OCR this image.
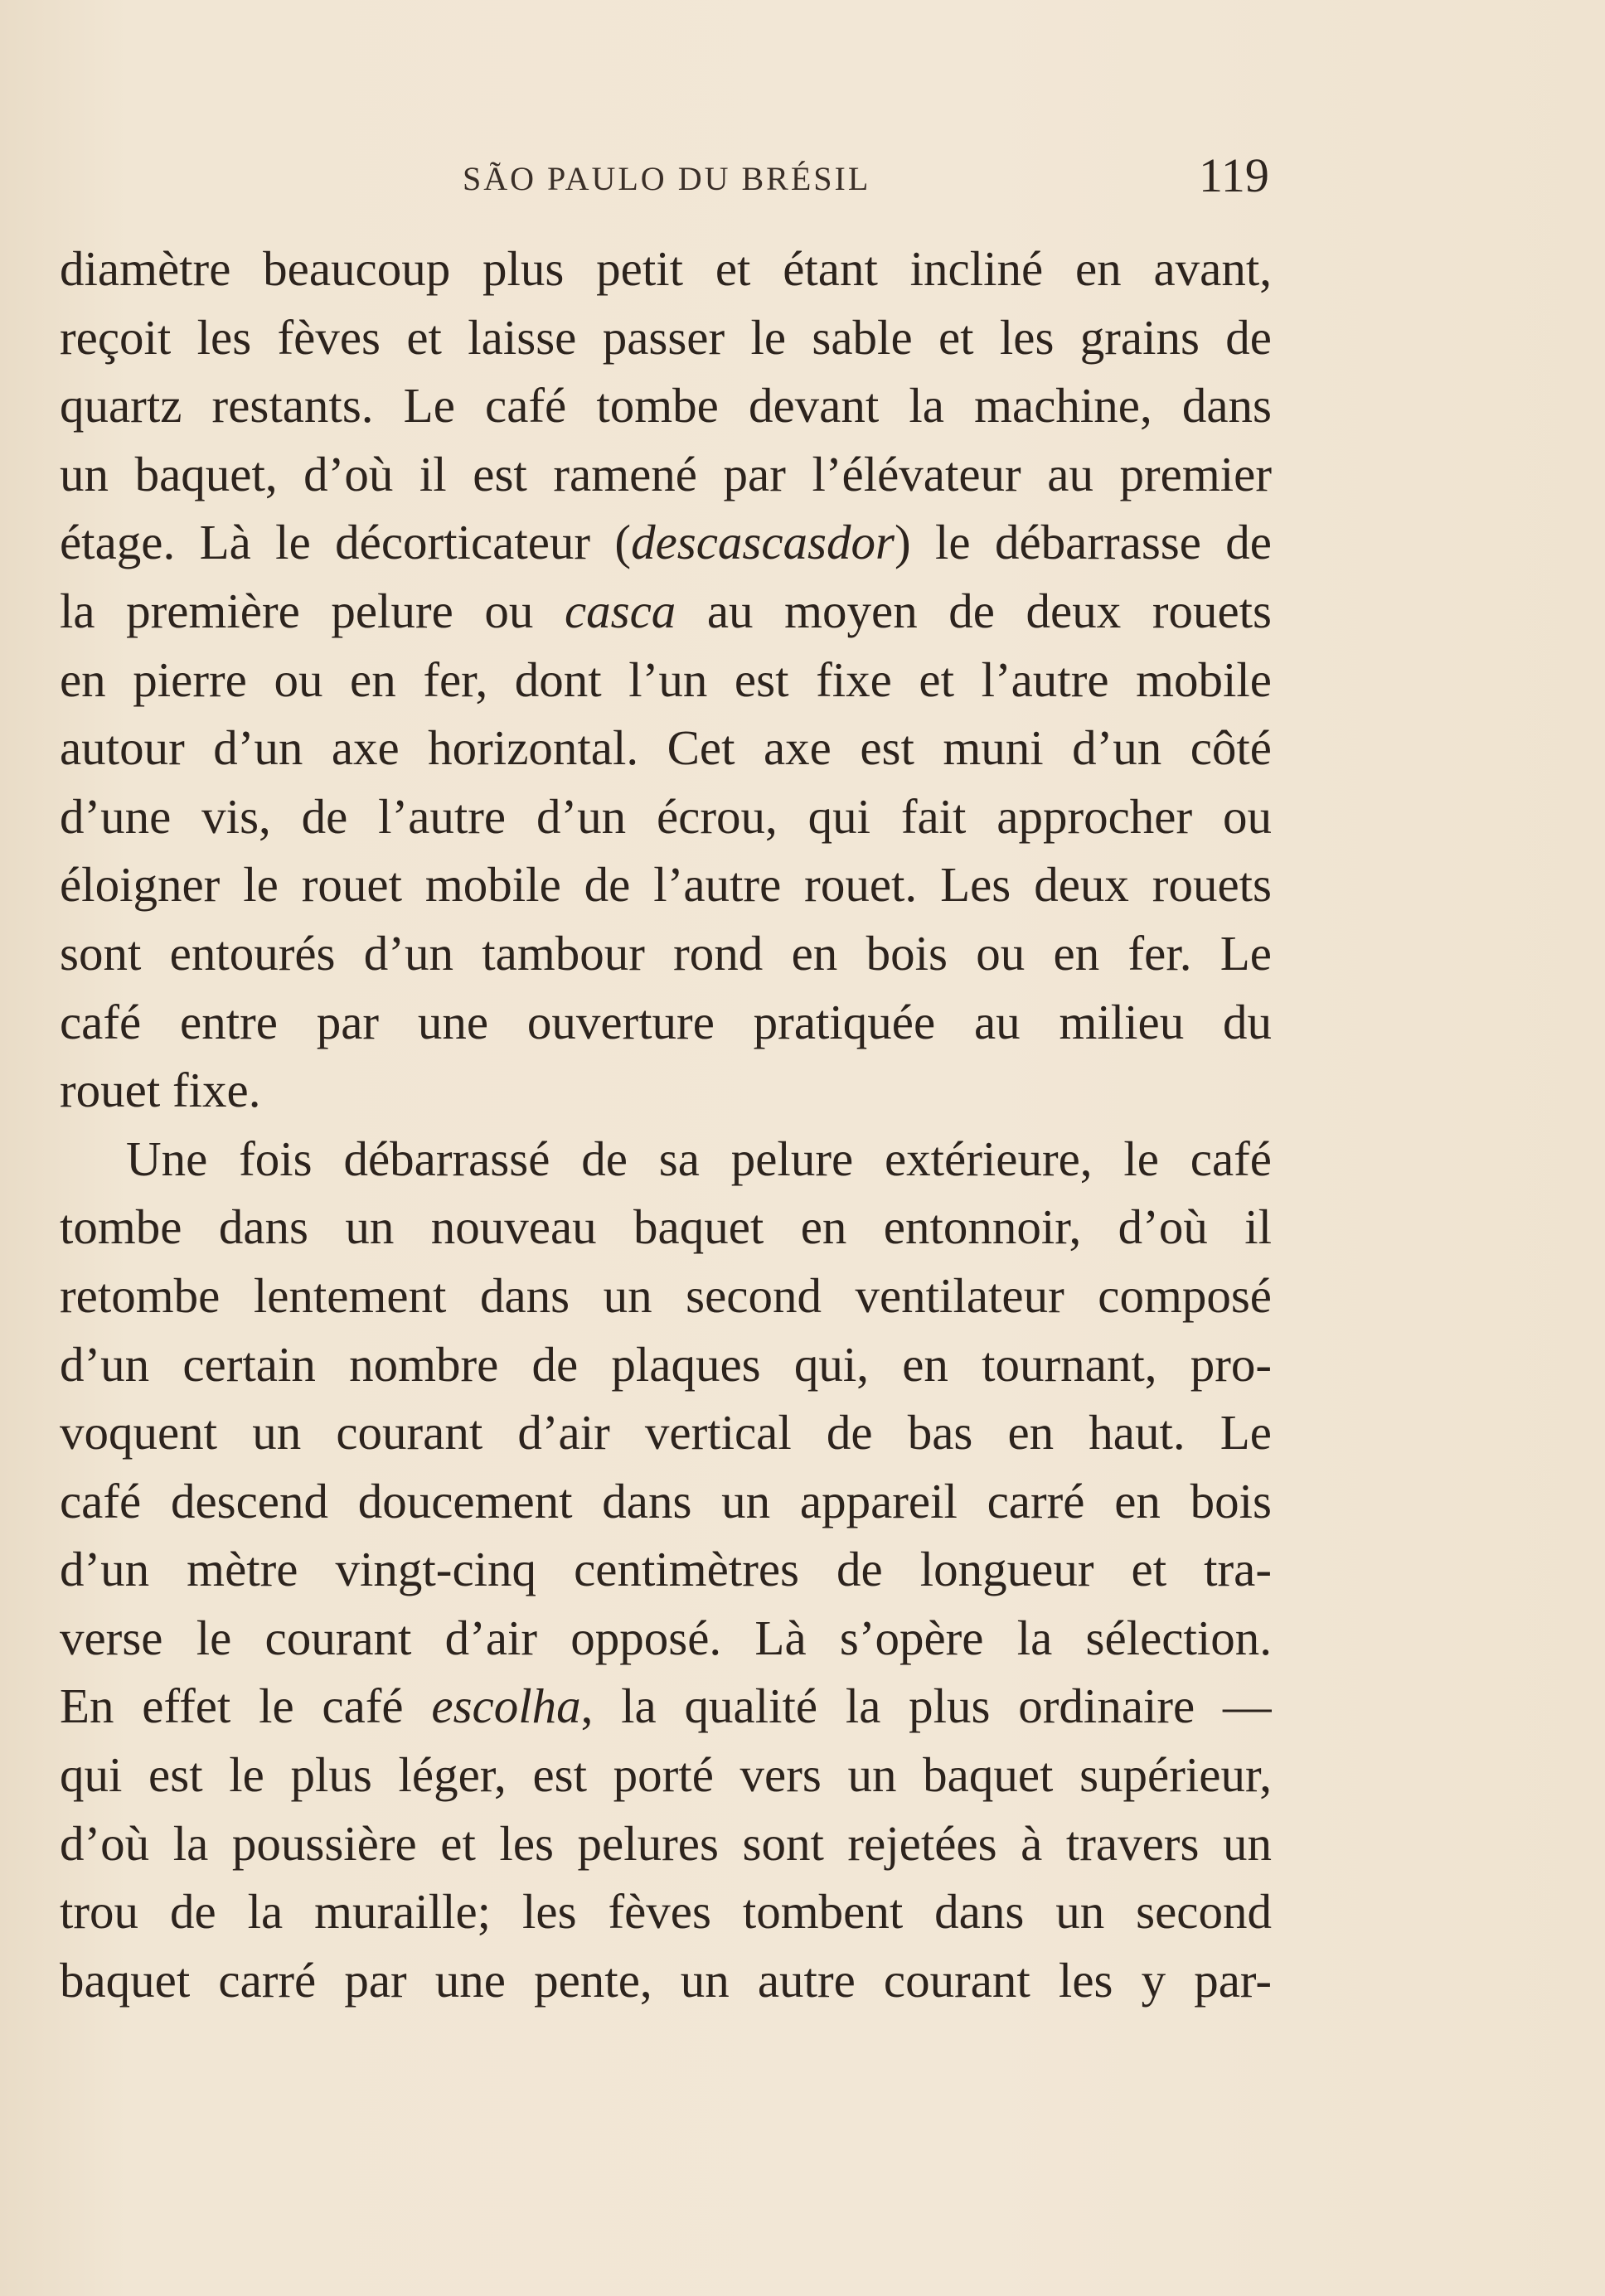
SÃO PAULO DU BRÉSIL	119
diamètre beaucoup plus petit et étant incliné en avant,
reçoit les fèves et laisse passer le sable et les grains de
quartz restants. Le café tombe devant la machine, dans
un baquet, d’où il est ramené par l’élévateur au premier
étage. Là le décorticateur (descascasdor) le débarrasse de
la première pelure ou casca au moyen de deux rouets
en pierre ou en fer, dont l’un est fixe et l’autre mobile
autour d’un axe horizontal. Cet axe est muni d’un côté
d’une vis, de l’autre d’un écrou, qui fait approcher ou
éloigner le rouet mobile de l’autre rouet. Les deux rouets
sont entourés d’un tambour rond en bois ou en fer. Le
café entre par une ouverture pratiquée au milieu du
rouet fixe.
Une fois débarrassé de sa pelure extérieure, le café
tombe dans un nouveau baquet en entonnoir, d’où il
retombe lentement dans un second ventilateur composé
d’un certain nombre de plaques qui, en tournant, pro-
voquent un courant d’air vertical de bas en haut. Le
café descend doucement dans un appareil carré en bois
d’un mètre vingt-cinq centimètres de longueur et tra-
verse le courant d’air opposé. Là s’opère la sélection.
En effet le café escolha, la qualité la plus ordinaire —
qui est le plus léger, est porté vers un baquet supérieur,
d’où la poussière et les pelures sont rejetées à travers un
trou de la muraille; les fèves tombent dans un second
baquet carré par une pente, un autre courant les y par-
